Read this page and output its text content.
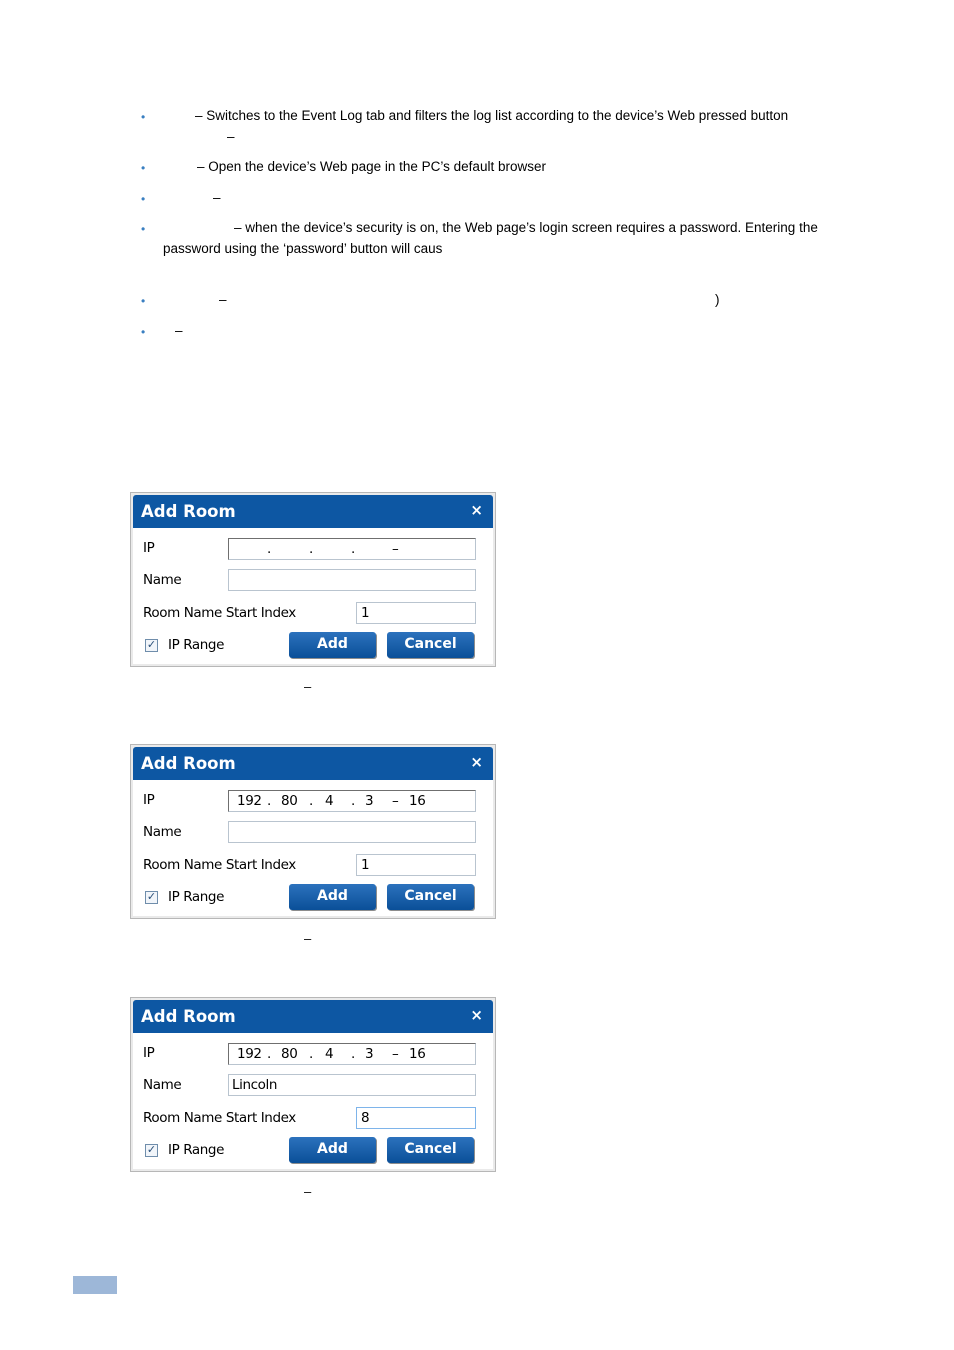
•	– Switches to the Event Log tab and filters the log list according to the device’s Web pressed button
–
•	– Open the device’s Web page in the PC’s default browser
•	–
•	– when the device’s security is on, the Web page’s login screen requires a password. Entering the
password using the ‘password’ button will caus
•	–	)
• –
Add Room	×
IP	.	.	.	–
Name
Room Name Start Index	1
✓ IP Range	Add	Cancel
–
Add Room	×
IP	192 . 80 . 4 . 3 – 16
Name
Room Name Start Index	1
✓ IP Range	Add	Cancel
–
Add Room	×
IP	192 . 80 . 4 . 3 – 16
Name	Lincoln
Room Name Start Index	8
✓ IP Range	Add	Cancel
–
